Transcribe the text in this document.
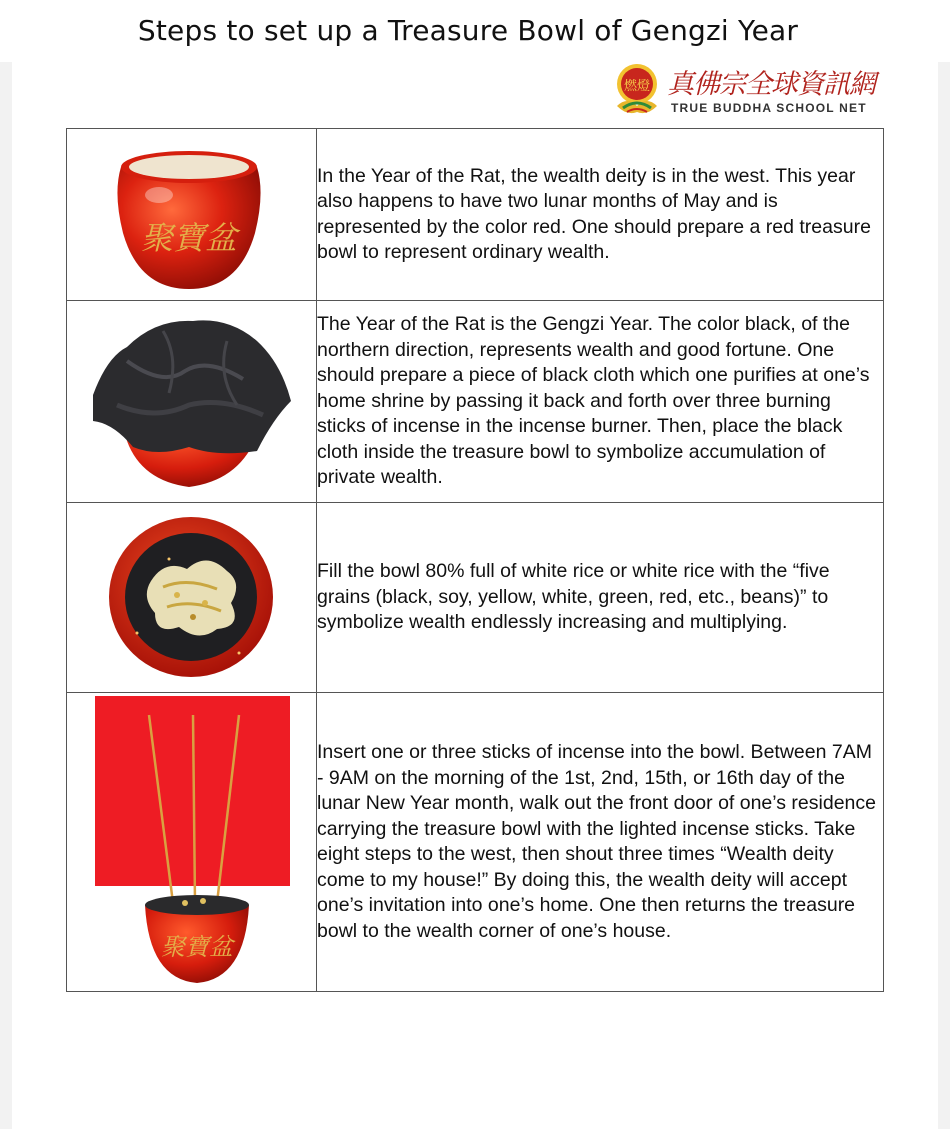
Steps to set up a Treasure Bowl of Gengzi Year
燃燈 真佛宗全球資訊網
TRUE BUDDHA SCHOOL NET
聚寶盆	In the Year of the Rat, the wealth deity is in the west. This year also happens to have two lunar months of May and is represented by the color red. One should prepare a red treasure bowl to represent ordinary wealth.

	The Year of the Rat is the Gengzi Year. The color black, of the northern direction, represents wealth and good fortune. One should prepare a piece of black cloth which one purifies at one’s home shrine by passing it back and forth over three burning sticks of incense in the incense burner. Then, place the black cloth inside the treasure bowl to symbolize accumulation of private wealth.

	Fill the bowl 80% full of white rice or white rice with the “five grains (black, soy, yellow, white, green, red, etc., beans)” to symbolize wealth endlessly increasing and multiplying.

聚寶盆	Insert one or three sticks of incense into the bowl. Between 7AM - 9AM on the morning of the 1st, 2nd, 15th, or 16th day of the lunar New Year month, walk out the front door of one’s residence carrying the treasure bowl with the lighted incense sticks. Take eight steps to the west, then shout three times “Wealth deity come to my house!” By doing this, the wealth deity will accept one’s invitation into one’s home. One then returns the treasure bowl to the wealth corner of one’s house.
